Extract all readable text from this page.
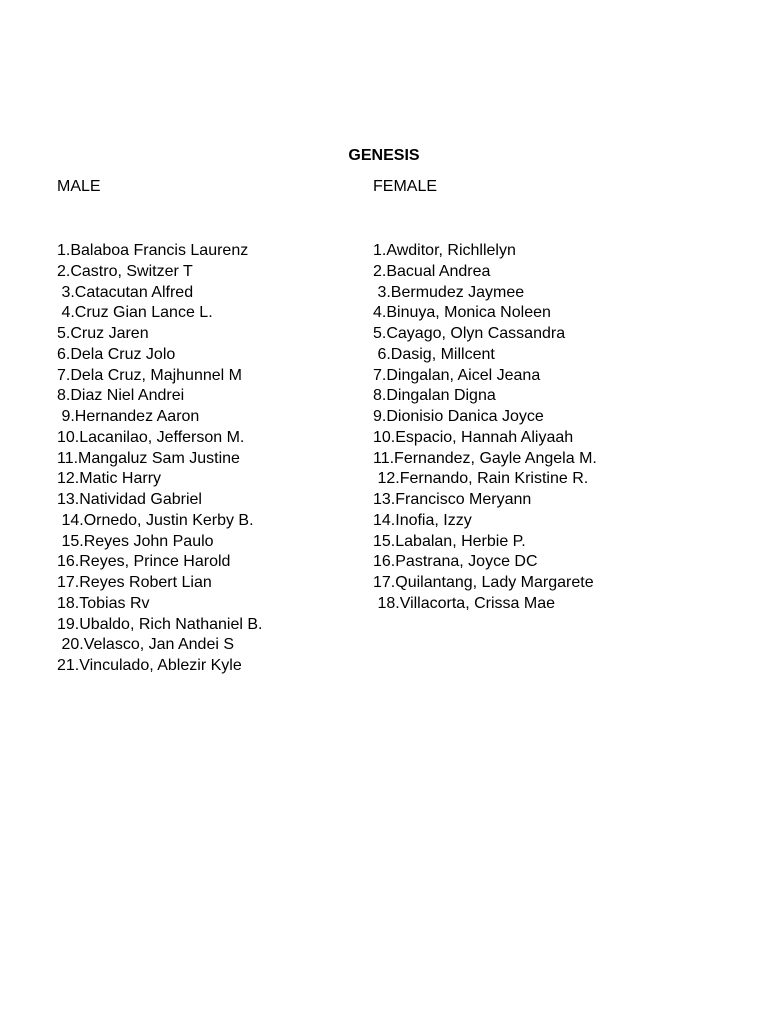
GENESIS
MALE	FEMALE
1.Balaboa Francis Laurenz
2.Castro, Switzer T
3.Catacutan Alfred
4.Cruz Gian Lance L.
5.Cruz Jaren
6.Dela Cruz Jolo
7.Dela Cruz, Majhunnel M
8.Diaz Niel Andrei
9.Hernandez Aaron
10.Lacanilao, Jefferson M.
11.Mangaluz Sam Justine
12.Matic Harry
13.Natividad Gabriel
14.Ornedo, Justin Kerby B.
15.Reyes John Paulo
16.Reyes, Prince Harold
17.Reyes Robert Lian
18.Tobias Rv
19.Ubaldo, Rich Nathaniel B.
20.Velasco, Jan Andei S
21.Vinculado, Ablezir Kyle
1.Awditor, Richllelyn
2.Bacual Andrea
3.Bermudez Jaymee
4.Binuya, Monica Noleen
5.Cayago, Olyn Cassandra
6.Dasig, Millcent
7.Dingalan, Aicel Jeana
8.Dingalan Digna
9.Dionisio Danica Joyce
10.Espacio, Hannah Aliyaah
11.Fernandez, Gayle Angela M.
12.Fernando, Rain Kristine R.
13.Francisco Meryann
14.Inofia, Izzy
15.Labalan, Herbie P.
16.Pastrana, Joyce DC
17.Quilantang, Lady Margarete
18.Villacorta, Crissa Mae
